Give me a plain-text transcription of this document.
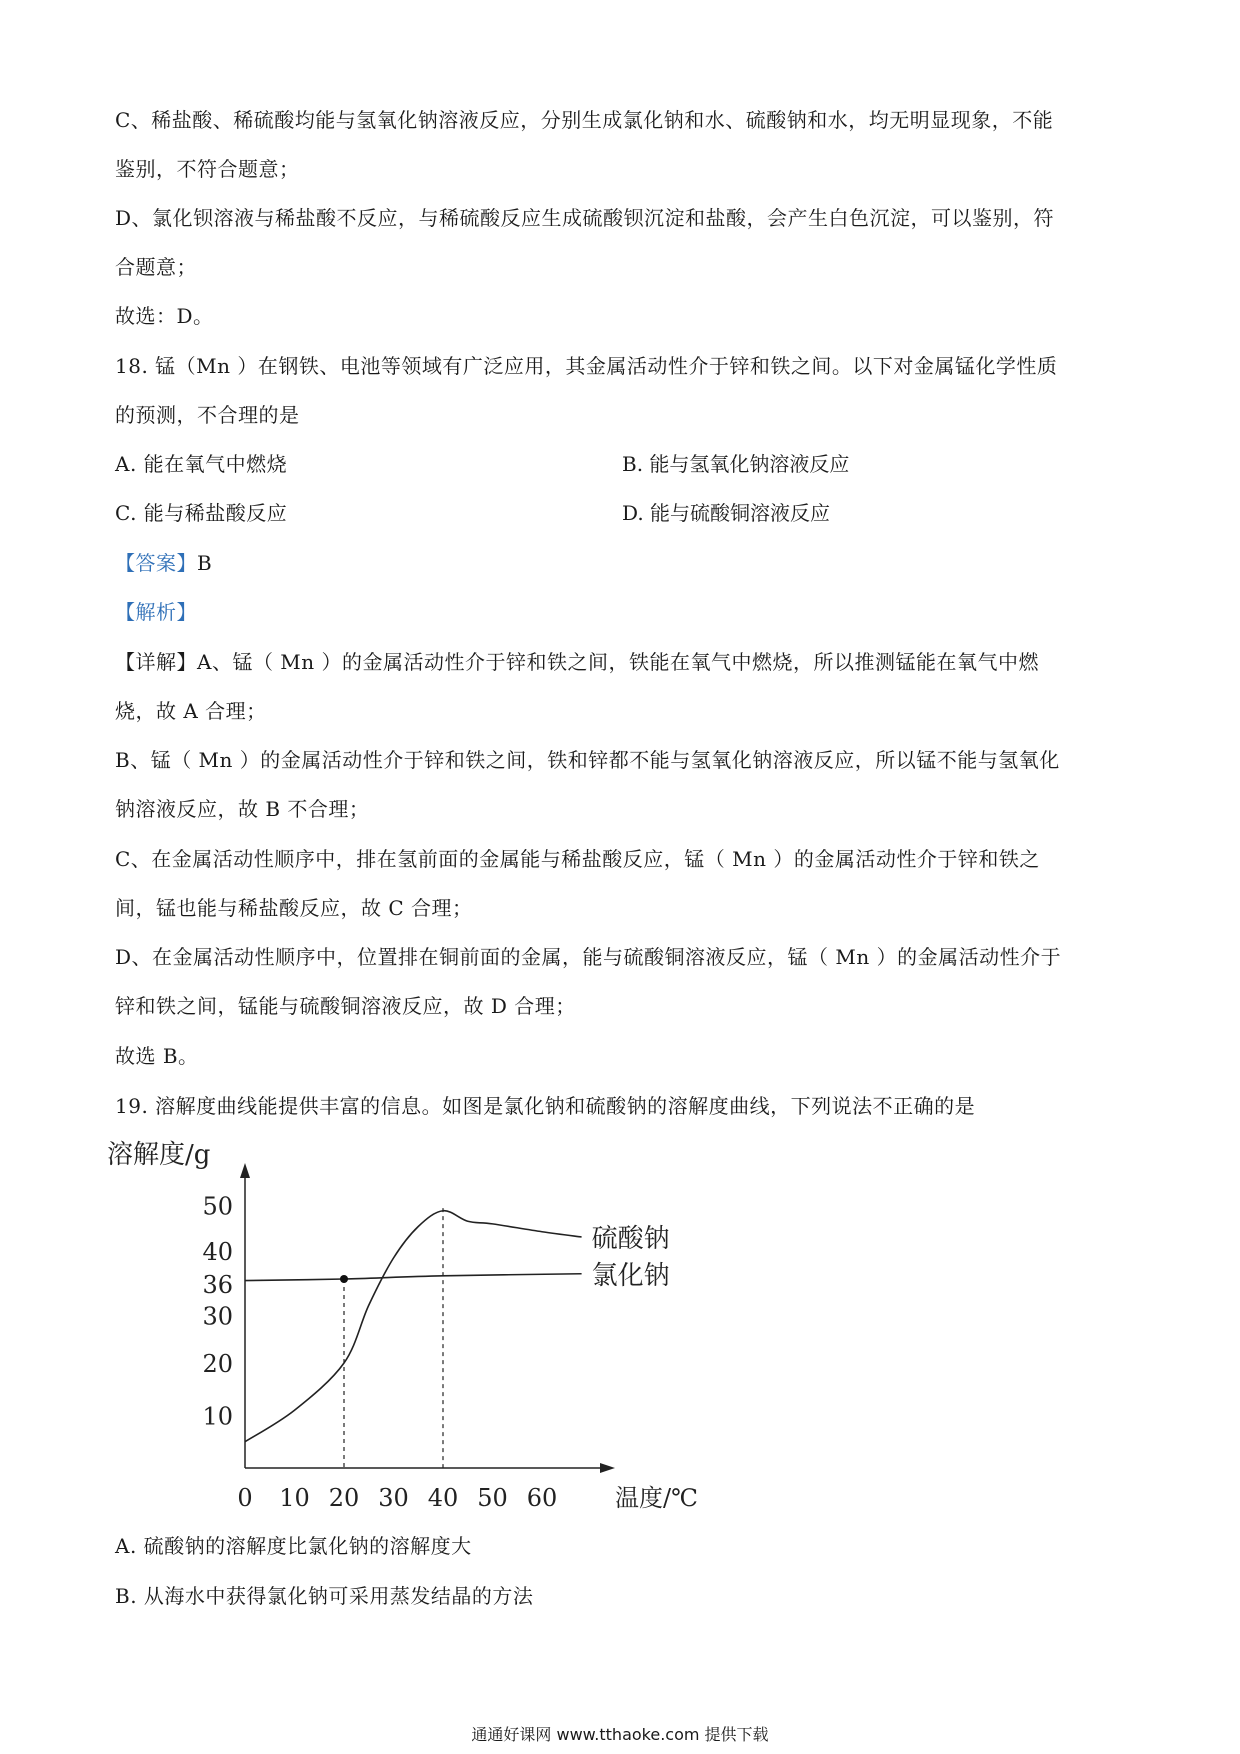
C、稀盐酸、稀硫酸均能与氢氧化钠溶液反应，分别生成氯化钠和水、硫酸钠和水，均无明显现象，不能
鉴别，不符合题意；
D、氯化钡溶液与稀盐酸不反应，与稀硫酸反应生成硫酸钡沉淀和盐酸，会产生白色沉淀，可以鉴别，符
合题意；
故选：D。
18. 锰（Mn ）在钢铁、电池等领域有广泛应用，其金属活动性介于锌和铁之间。以下对金属锰化学性质
的预测，不合理的是
A. 能在氧气中燃烧	B. 能与氢氧化钠溶液反应
C. 能与稀盐酸反应	D. 能与硫酸铜溶液反应
【答案】B
【解析】
【详解】A、锰（ Mn ）的金属活动性介于锌和铁之间，铁能在氧气中燃烧，所以推测锰能在氧气中燃
烧，故 A 合理；
B、锰（ Mn ）的金属活动性介于锌和铁之间，铁和锌都不能与氢氧化钠溶液反应，所以锰不能与氢氧化
钠溶液反应，故 B 不合理；
C、在金属活动性顺序中，排在氢前面的金属能与稀盐酸反应，锰（ Mn ）的金属活动性介于锌和铁之
间，锰也能与稀盐酸反应，故 C 合理；
D、在金属活动性顺序中，位置排在铜前面的金属，能与硫酸铜溶液反应，锰（ Mn ）的金属活动性介于
锌和铁之间，锰能与硫酸铜溶液反应，故 D 合理；
故选 B。
19. 溶解度曲线能提供丰富的信息。如图是氯化钠和硫酸钠的溶解度曲线，下列说法不正确的是
0 10 20 30 40 50 60
10
20
30
36
40
50
溶解度/g
温度/℃
硫酸钠
氯化钠
A. 硫酸钠的溶解度比氯化钠的溶解度大
B. 从海水中获得氯化钠可采用蒸发结晶的方法
通通好课网 www.tthaoke.com 提供下载
